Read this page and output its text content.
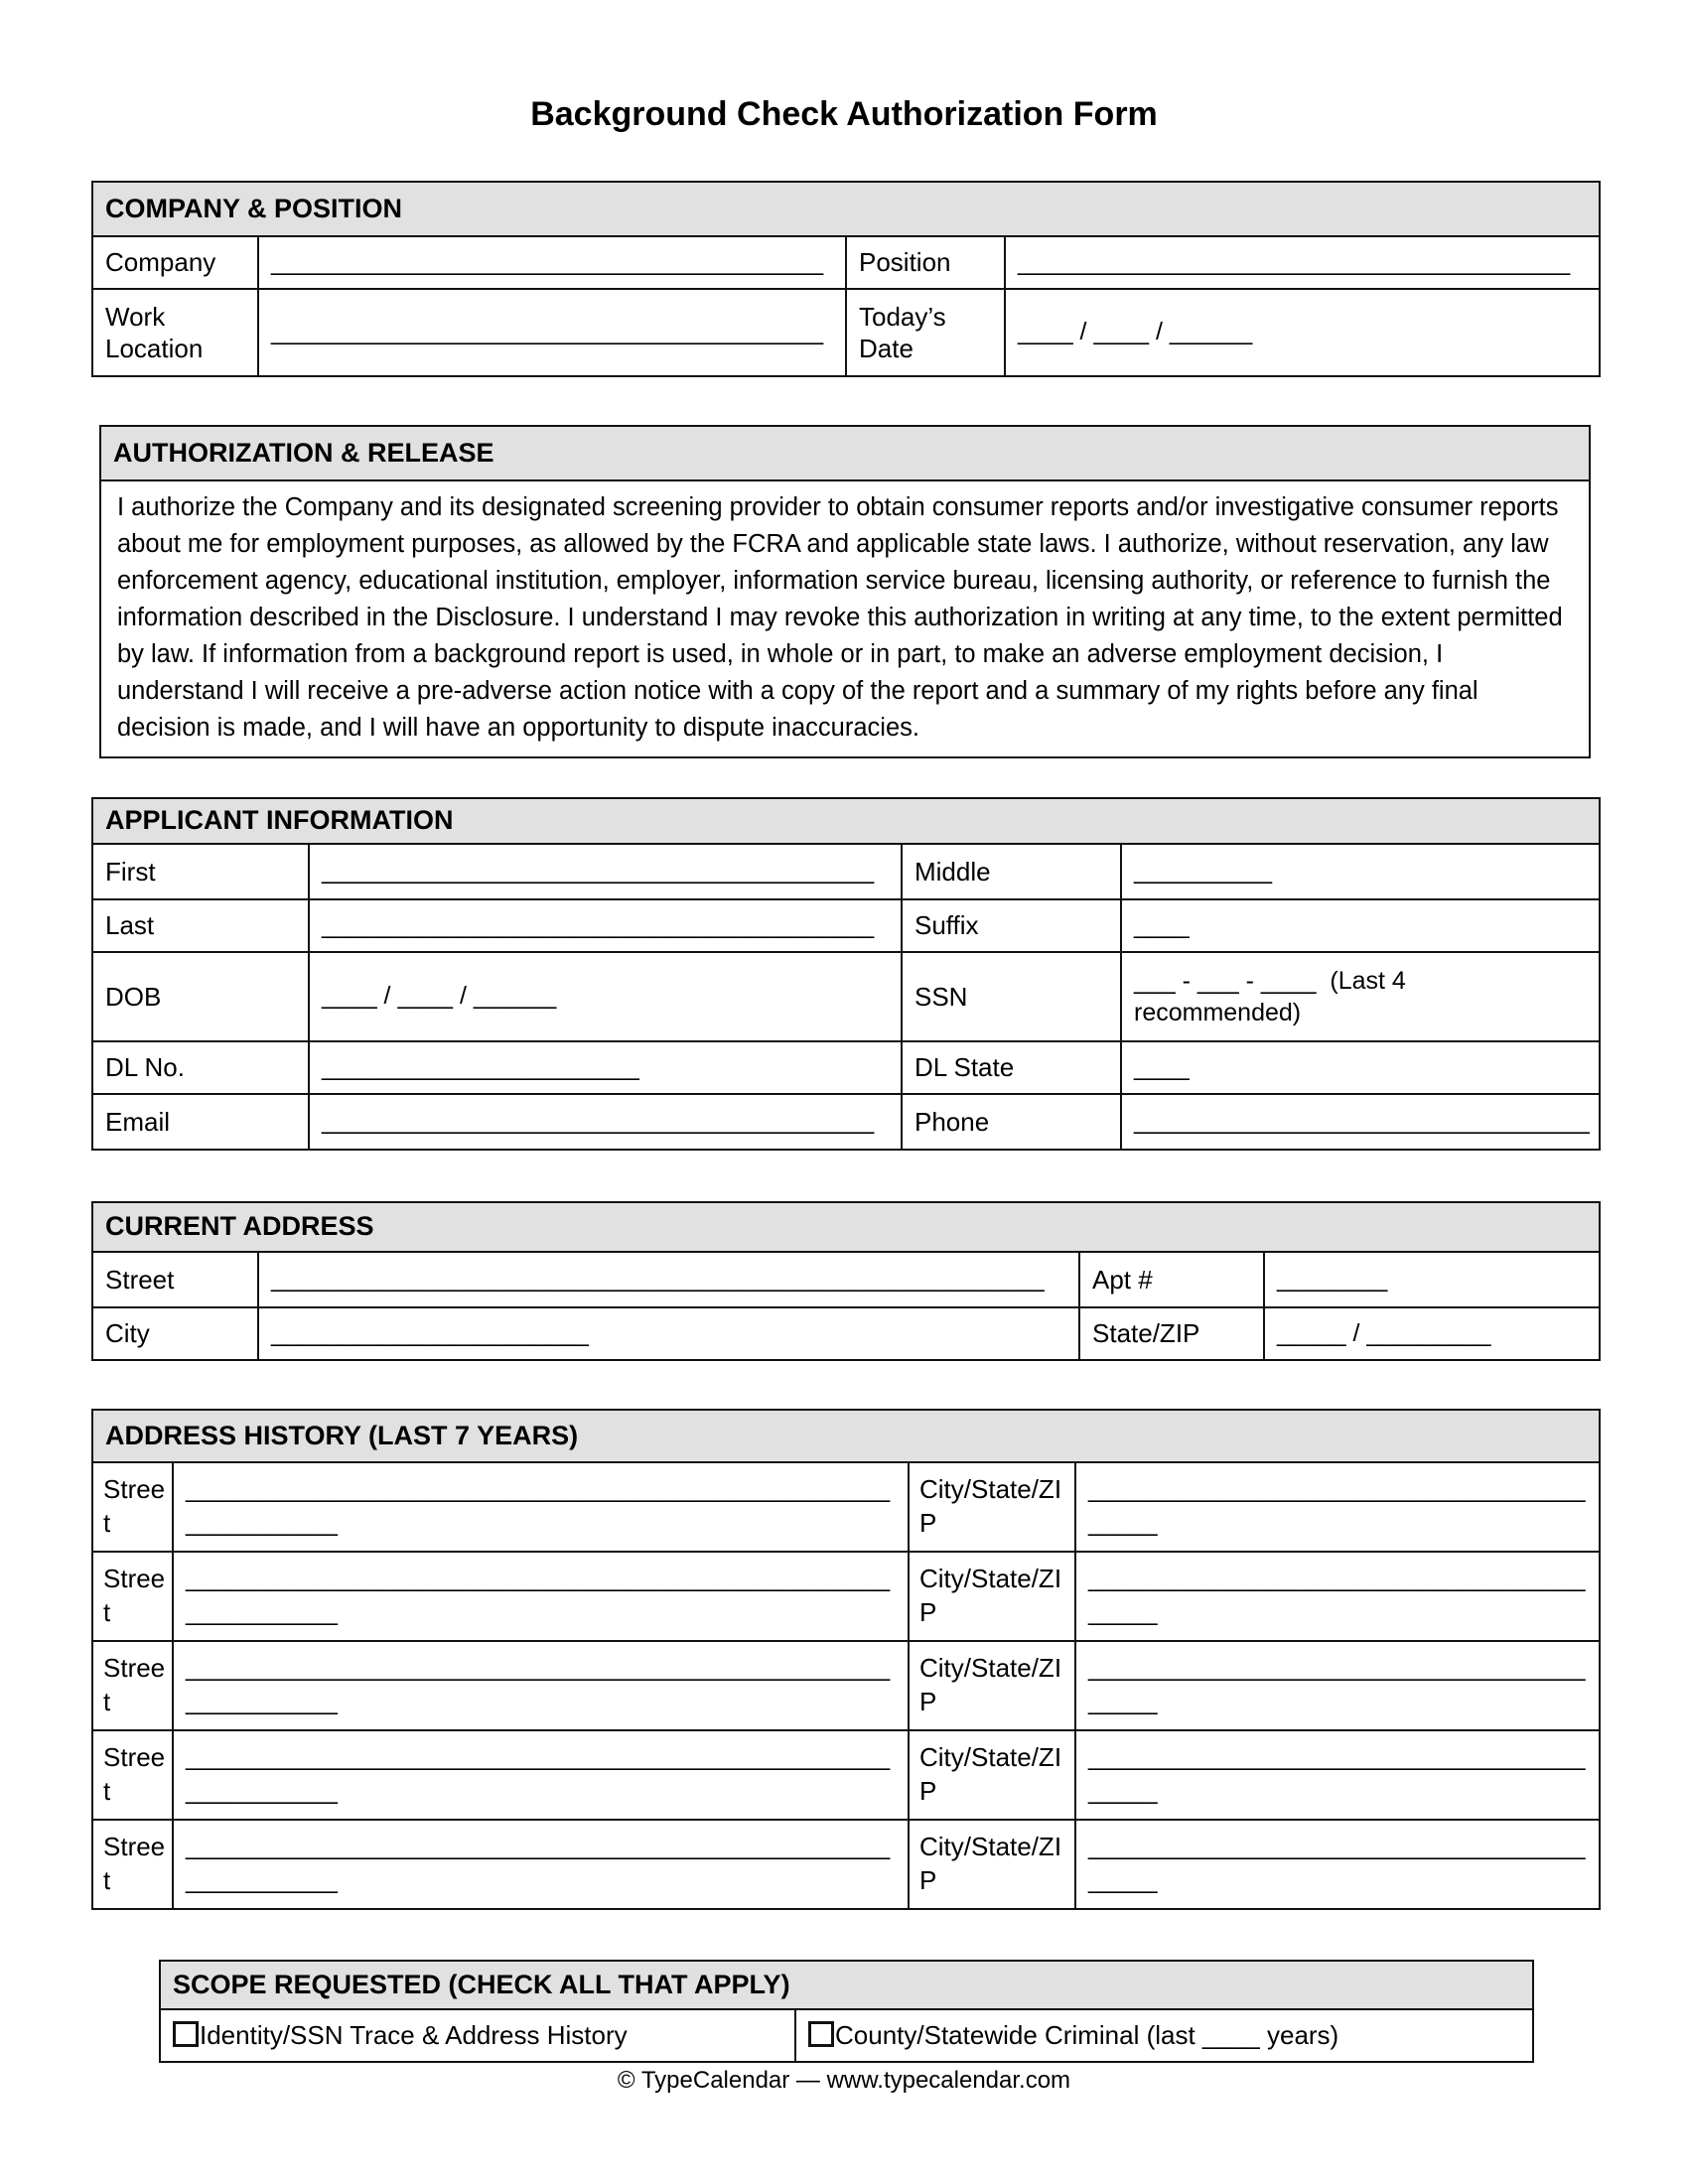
Background Check Authorization Form
COMPANY & POSITION			
Company	________________________________________	Position	________________________________________
Work Location	________________________________________	Today’s Date	____ / ____ / ______
AUTHORIZATION & RELEASE
I authorize the Company and its designated screening provider to obtain consumer reports and/or investigative consumer reports about me for employment purposes, as allowed by the FCRA and applicable state laws. I authorize, without reservation, any law enforcement agency, educational institution, employer, information service bureau, licensing authority, or reference to furnish the information described in the Disclosure. I understand I may revoke this authorization in writing at any time, to the extent permitted by law. If information from a background report is used, in whole or in part, to make an adverse employment decision, I understand I will receive a pre-adverse action notice with a copy of the report and a summary of my rights before any final decision is made, and I will have an opportunity to dispute inaccuracies.
APPLICANT INFORMATION			
First	________________________________________	Middle	__________
Last	________________________________________	Suffix	____
DOB	____ / ____ / ______	SSN	___ - ___ - ____  (Last 4
recommended)
DL No.	_______________________	DL State	____
Email	________________________________________	Phone	_________________________________
CURRENT ADDRESS			
Street	________________________________________________________	Apt #	________
City	_______________________	State/ZIP	_____ / _________
ADDRESS HISTORY (LAST 7 YEARS)			
Street	______________________________________________________________	City/State/ZIP	_________________________________________
Street	______________________________________________________________	City/State/ZIP	_________________________________________
Street	______________________________________________________________	City/State/ZIP	_________________________________________
Street	______________________________________________________________	City/State/ZIP	_________________________________________
Street	______________________________________________________________	City/State/ZIP	_________________________________________
SCOPE REQUESTED (CHECK ALL THAT APPLY)
Identity/SSN Trace & Address History	County/Statewide Criminal (last ____ years)
© TypeCalendar — www.typecalendar.com
